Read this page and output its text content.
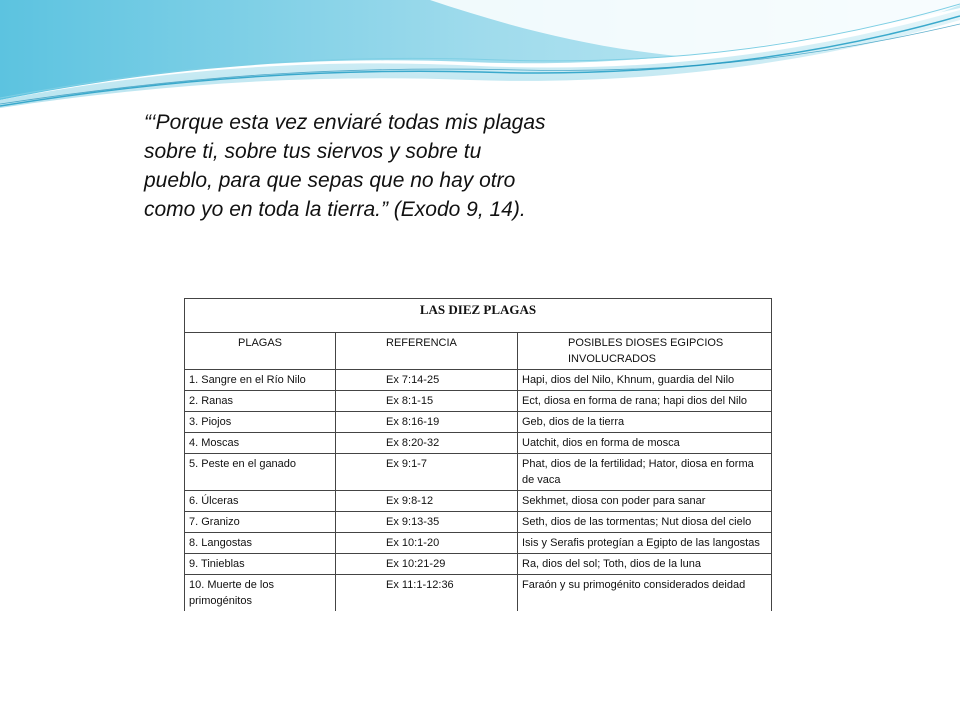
“‘Porque esta vez enviaré todas mis plagas
sobre ti, sobre tus siervos y sobre tu
pueblo, para que sepas que no hay otro
como yo en toda la tierra.” (Exodo 9, 14).

LAS DIEZ PLAGAS		
PLAGAS	REFERENCIA	POSIBLES DIOSES EGIPCIOS
INVOLUCRADOS
1. Sangre en el Río Nilo	Ex 7:14-25	Hapi, dios del Nilo, Khnum, guardia del Nilo
2. Ranas	Ex 8:1-15	Ect, diosa en forma de rana; hapi dios del Nilo
3. Piojos	Ex 8:16-19	Geb, dios de la tierra
4. Moscas	Ex 8:20-32	Uatchit, dios en forma de mosca
5. Peste en el ganado	Ex 9:1-7	Phat, dios de la fertilidad; Hator, diosa en forma de vaca
6. Úlceras	Ex 9:8-12	Sekhmet, diosa con poder para sanar
7. Granizo	Ex 9:13-35	Seth, dios de las tormentas; Nut diosa del cielo
8. Langostas	Ex 10:1-20	Isis y Serafis protegían a Egipto de las langostas
9. Tinieblas	Ex 10:21-29	Ra, dios del sol; Toth, dios de la luna
10. Muerte de los primogénitos	Ex 11:1-12:36	Faraón y su primogénito considerados deidad
